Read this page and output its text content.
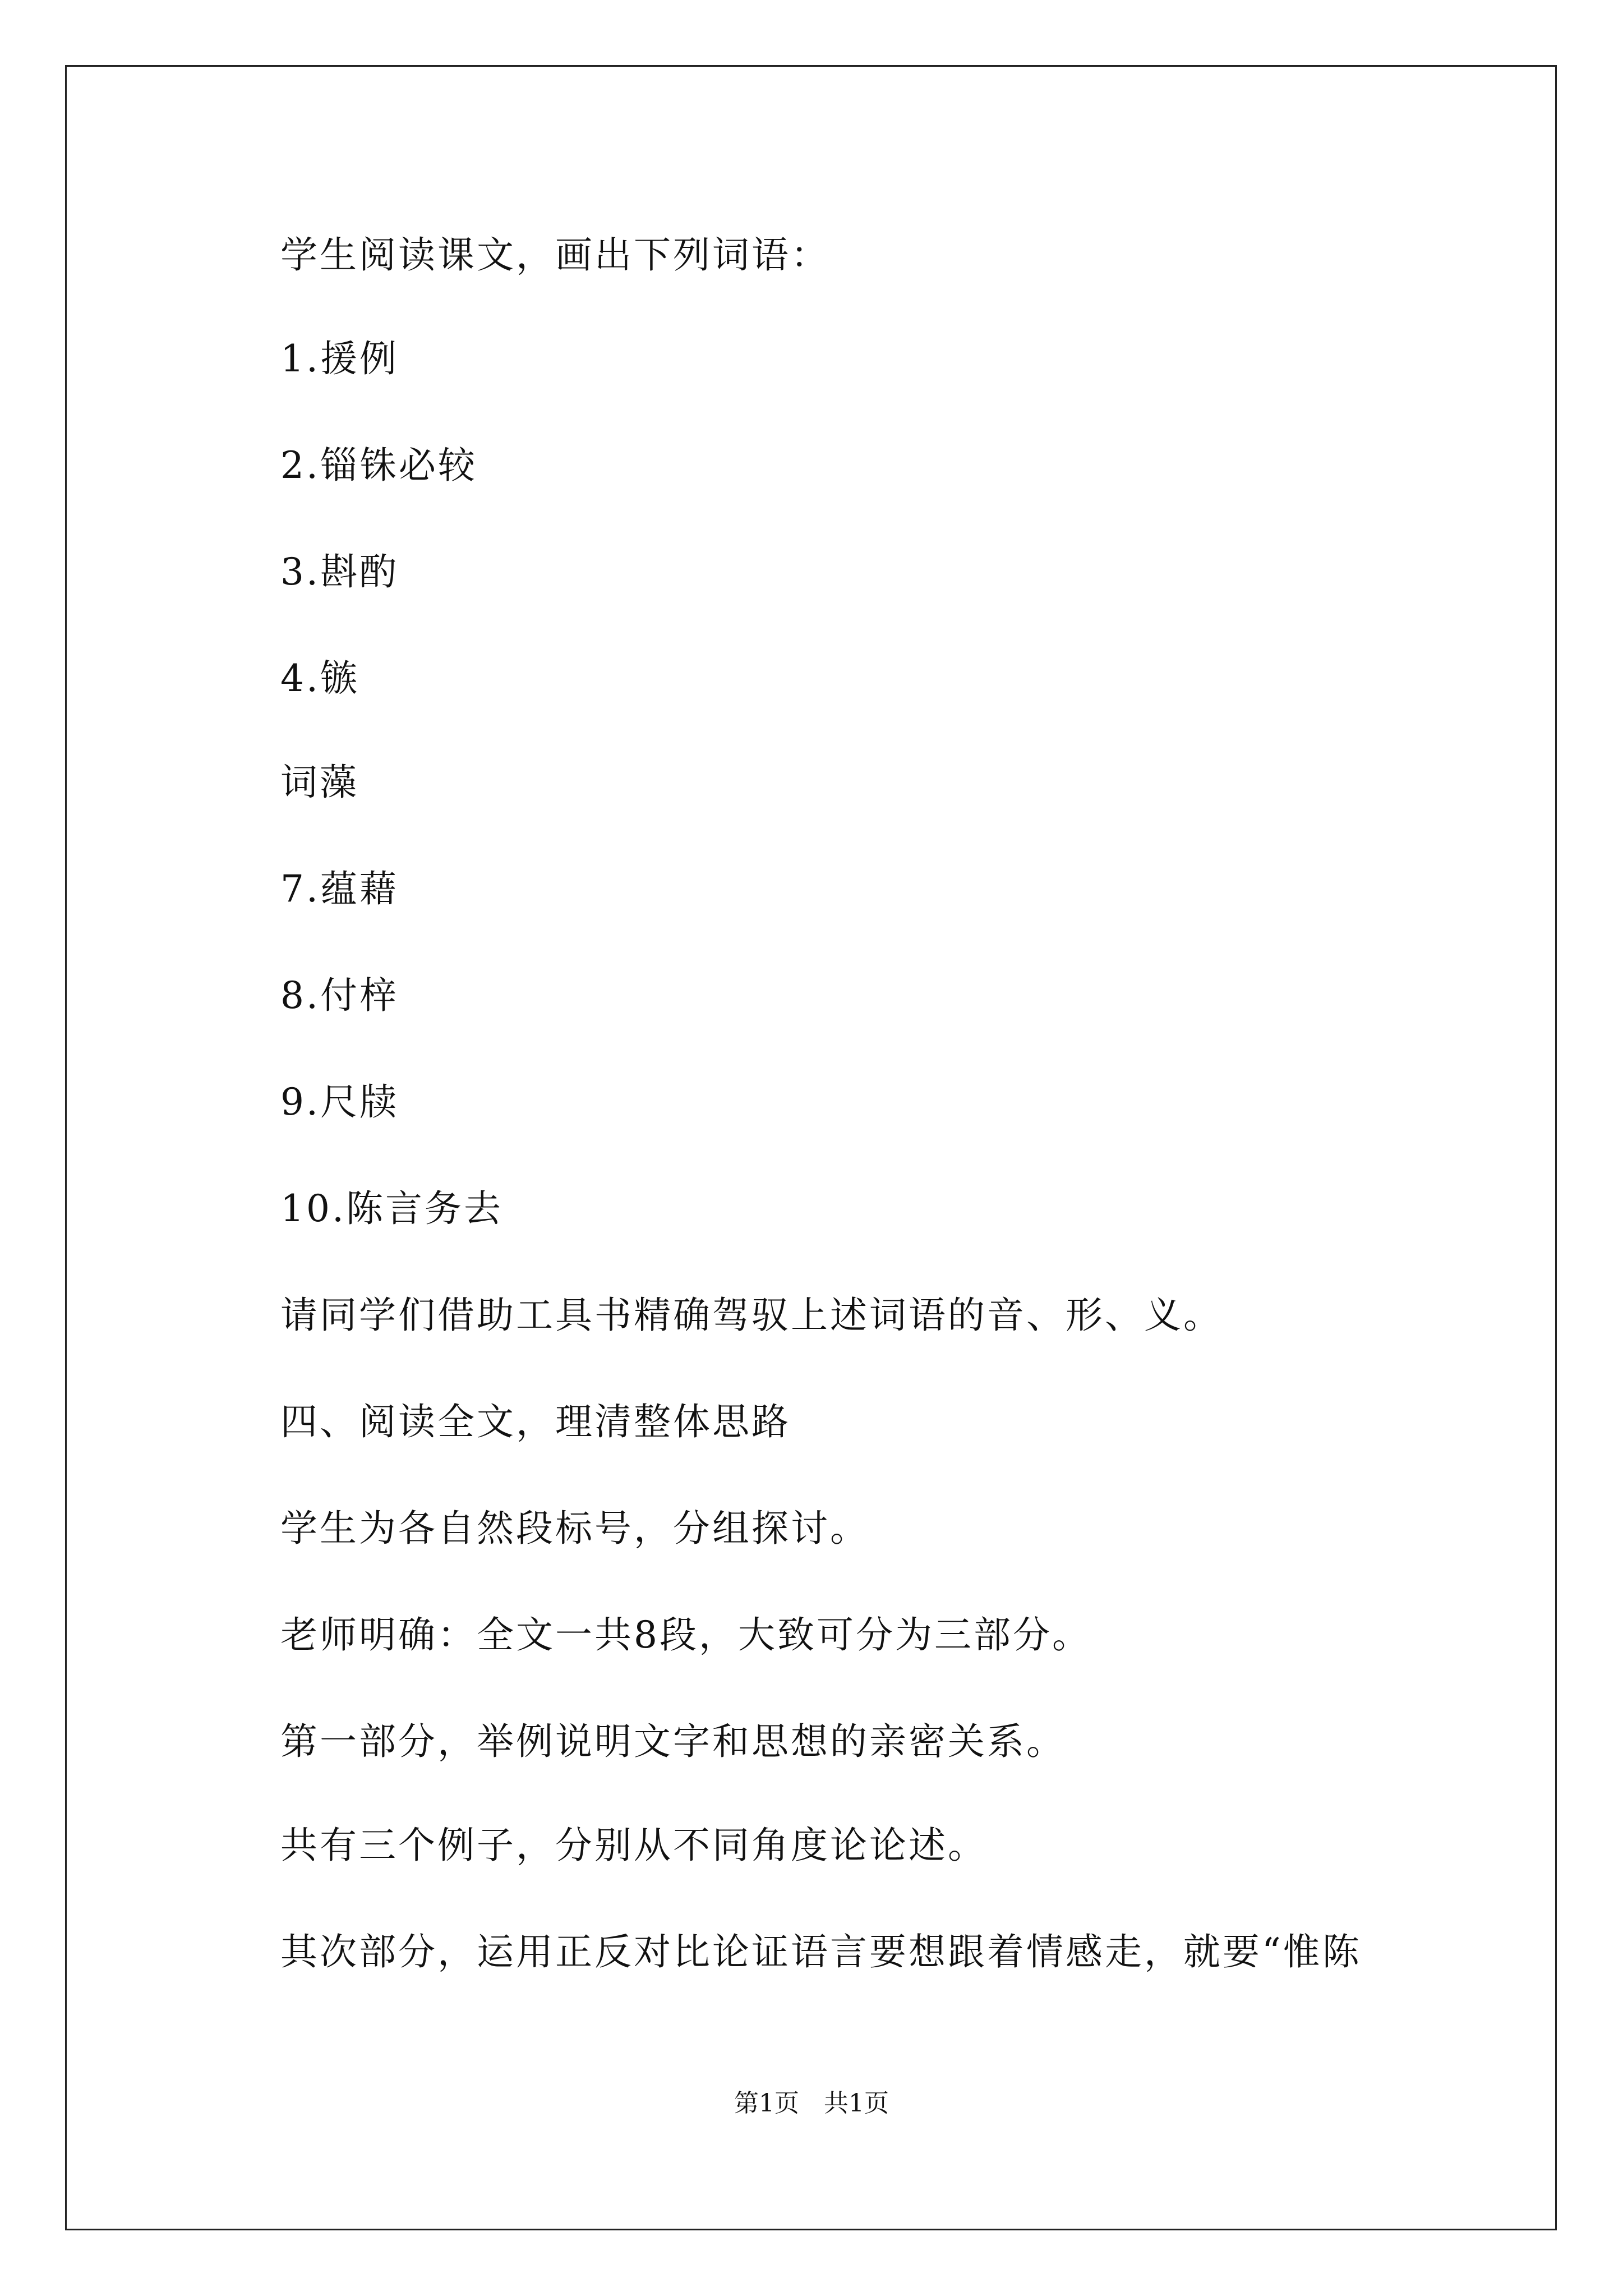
学生阅读课文，画出下列词语：
1.援例
2.锱铢必较
3.斟酌
4.镞
词藻
7.蕴藉
8.付梓
9.尺牍
10.陈言务去
请同学们借助工具书精确驾驭上述词语的音、形、义。
四、阅读全文，理清整体思路
学生为各自然段标号，分组探讨。
老师明确：全文一共8段，大致可分为三部分。
第一部分，举例说明文字和思想的亲密关系。
共有三个例子，分别从不同角度论论述。
其次部分，运用正反对比论证语言要想跟着情感走，就要“惟陈
第1页　共1页
